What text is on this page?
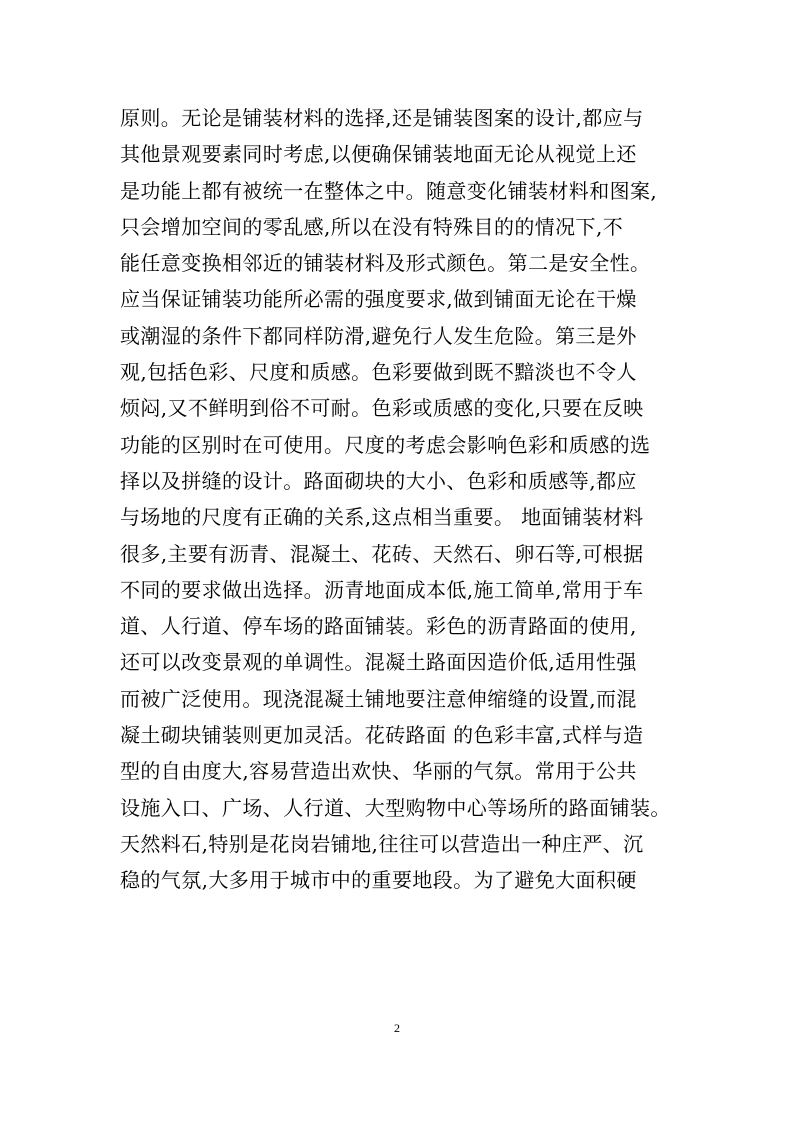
原则。无论是铺装材料的选择,还是铺装图案的设计,都应与
其他景观要素同时考虑,以便确保铺装地面无论从视觉上还
是功能上都有被统一在整体之中。随意变化铺装材料和图案,
只会增加空间的零乱感,所以在没有特殊目的的情况下,不
能任意变换相邻近的铺装材料及形式颜色。第二是安全性。
应当保证铺装功能所必需的强度要求,做到铺面无论在干燥
或潮湿的条件下都同样防滑,避免行人发生危险。第三是外
观,包括色彩、尺度和质感。色彩要做到既不黯淡也不令人
烦闷,又不鲜明到俗不可耐。色彩或质感的变化,只要在反映
功能的区别时在可使用。尺度的考虑会影响色彩和质感的选
择以及拼缝的设计。路面砌块的大小、色彩和质感等,都应
与场地的尺度有正确的关系,这点相当重要。 地面铺装材料
很多,主要有沥青、混凝土、花砖、天然石、卵石等,可根据
不同的要求做出选择。沥青地面成本低,施工简单,常用于车
道、人行道、停车场的路面铺装。彩色的沥青路面的使用,
还可以改变景观的单调性。混凝土路面因造价低,适用性强
而被广泛使用。现浇混凝土铺地要注意伸缩缝的设置,而混
凝土砌块铺装则更加灵活。花砖路面 的色彩丰富,式样与造
型的自由度大,容易营造出欢快、华丽的气氛。常用于公共
设施入口、广场、人行道、大型购物中心等场所的路面铺装。
天然料石,特别是花岗岩铺地,往往可以营造出一种庄严、沉
稳的气氛,大多用于城市中的重要地段。为了避免大面积硬
2
